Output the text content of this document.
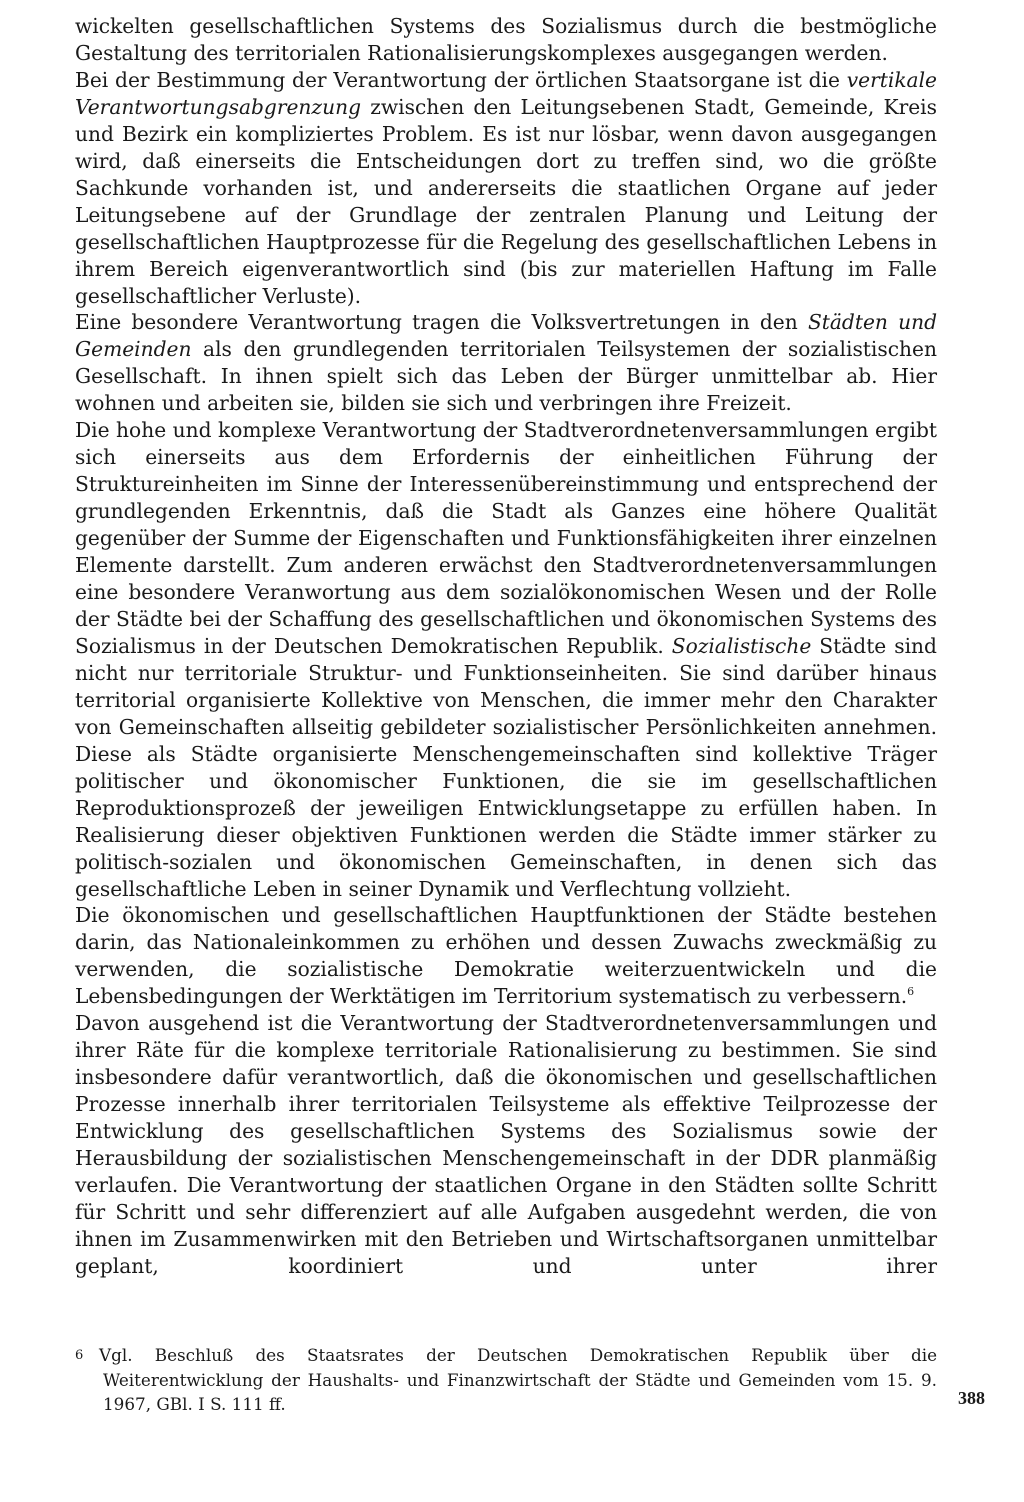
wickelten gesellschaftlichen Systems des Sozialismus durch die bestmögliche Gestaltung des territorialen Rationalisierungskomplexes ausgegangen werden.

Bei der Bestimmung der Verantwortung der örtlichen Staatsorgane ist die vertikale Verantwortungsabgrenzung zwischen den Leitungsebenen Stadt, Gemeinde, Kreis und Bezirk ein kompliziertes Problem. Es ist nur lösbar, wenn davon ausgegangen wird, daß einerseits die Entscheidungen dort zu treffen sind, wo die größte Sachkunde vorhanden ist, und andererseits die staatlichen Organe auf jeder Leitungsebene auf der Grundlage der zentralen Planung und Leitung der gesellschaftlichen Hauptprozesse für die Regelung des gesellschaftlichen Lebens in ihrem Bereich eigenverantwortlich sind (bis zur materiellen Haftung im Falle gesellschaftlicher Verluste).

Eine besondere Verantwortung tragen die Volksvertretungen in den Städten und Gemeinden als den grundlegenden territorialen Teilsystemen der sozialistischen Gesellschaft. In ihnen spielt sich das Leben der Bürger unmittelbar ab. Hier wohnen und arbeiten sie, bilden sie sich und verbringen ihre Freizeit.

Die hohe und komplexe Verantwortung der Stadtverordnetenversammlungen ergibt sich einerseits aus dem Erfordernis der einheitlichen Führung der Struktureinheiten im Sinne der Interessenübereinstimmung und entsprechend der grundlegenden Erkenntnis, daß die Stadt als Ganzes eine höhere Qualität gegenüber der Summe der Eigenschaften und Funktionsfähigkeiten ihrer einzelnen Elemente darstellt. Zum anderen erwächst den Stadtverordnetenversammlungen eine besondere Veranwortung aus dem sozialökonomischen Wesen und der Rolle der Städte bei der Schaffung des gesellschaftlichen und ökonomischen Systems des Sozialismus in der Deutschen Demokratischen Republik. Sozialistische Städte sind nicht nur territoriale Struktur- und Funktionseinheiten. Sie sind darüber hinaus territorial organisierte Kollektive von Menschen, die immer mehr den Charakter von Gemeinschaften allseitig gebildeter sozialistischer Persönlichkeiten annehmen. Diese als Städte organisierte Menschengemeinschaften sind kollektive Träger politischer und ökonomischer Funktionen, die sie im gesellschaftlichen Reproduktionsprozeß der jeweiligen Entwicklungsetappe zu erfüllen haben. In Realisierung dieser objektiven Funktionen werden die Städte immer stärker zu politisch-sozialen und ökonomischen Gemeinschaften, in denen sich das gesellschaftliche Leben in seiner Dynamik und Verflechtung vollzieht.

Die ökonomischen und gesellschaftlichen Hauptfunktionen der Städte bestehen darin, das Nationaleinkommen zu erhöhen und dessen Zuwachs zweckmäßig zu verwenden, die sozialistische Demokratie weiterzuentwickeln und die Lebensbedingungen der Werktätigen im Territorium systematisch zu verbessern.$^6$

Davon ausgehend ist die Verantwortung der Stadtverordnetenversammlungen und ihrer Räte für die komplexe territoriale Rationalisierung zu bestimmen. Sie sind insbesondere dafür verantwortlich, daß die ökonomischen und gesellschaftlichen Prozesse innerhalb ihrer territorialen Teilsysteme als effektive Teilprozesse der Entwicklung des gesellschaftlichen Systems des Sozialismus sowie der Herausbildung der sozialistischen Menschengemeinschaft in der DDR planmäßig verlaufen. Die Verantwortung der staatlichen Organe in den Städten sollte Schritt für Schritt und sehr differenziert auf alle Aufgaben ausgedehnt werden, die von ihnen im Zusammenwirken mit den Betrieben und Wirtschaftsorganen unmittelbar geplant, koordiniert und unter ihrer

6 Vgl. Beschluß des Staatsrates der Deutschen Demokratischen Republik über die Weiterentwicklung der Haushalts- und Finanzwirtschaft der Städte und Gemeinden vom 15. 9. 1967, GBl. I S. 111 ff.	388
